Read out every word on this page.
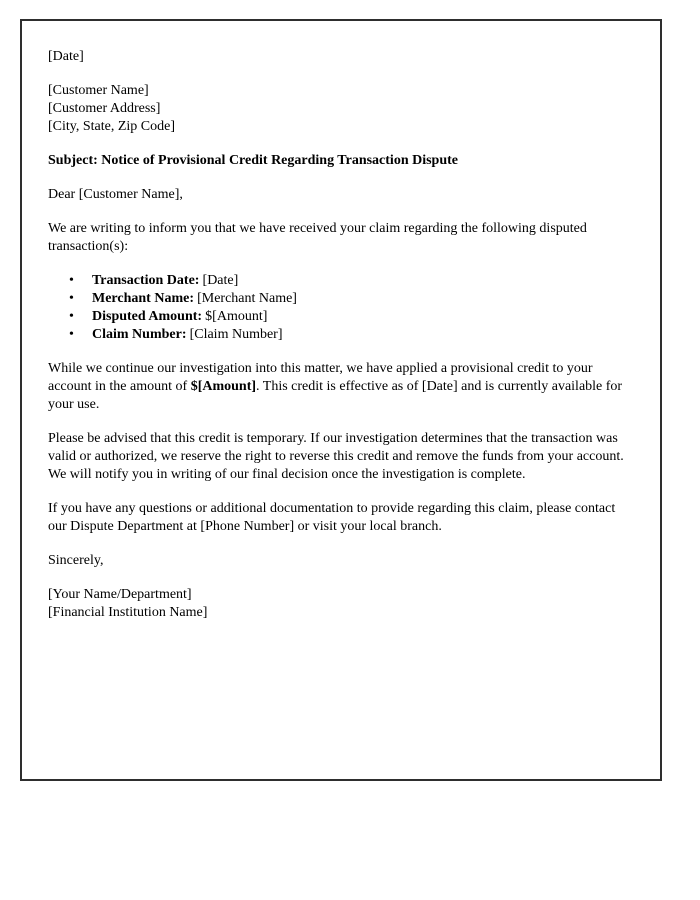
[Date]

[Customer Name]
[Customer Address]
[City, State, Zip Code]

Subject: Notice of Provisional Credit Regarding Transaction Dispute

Dear [Customer Name],

We are writing to inform you that we have received your claim regarding the following disputed transaction(s):

• Transaction Date: [Date]
• Merchant Name: [Merchant Name]
• Disputed Amount: $[Amount]
• Claim Number: [Claim Number]

While we continue our investigation into this matter, we have applied a provisional credit to your account in the amount of $[Amount]. This credit is effective as of [Date] and is currently available for your use.

Please be advised that this credit is temporary. If our investigation determines that the transaction was valid or authorized, we reserve the right to reverse this credit and remove the funds from your account. We will notify you in writing of our final decision once the investigation is complete.

If you have any questions or additional documentation to provide regarding this claim, please contact our Dispute Department at [Phone Number] or visit your local branch.

Sincerely,

[Your Name/Department]
[Financial Institution Name]
